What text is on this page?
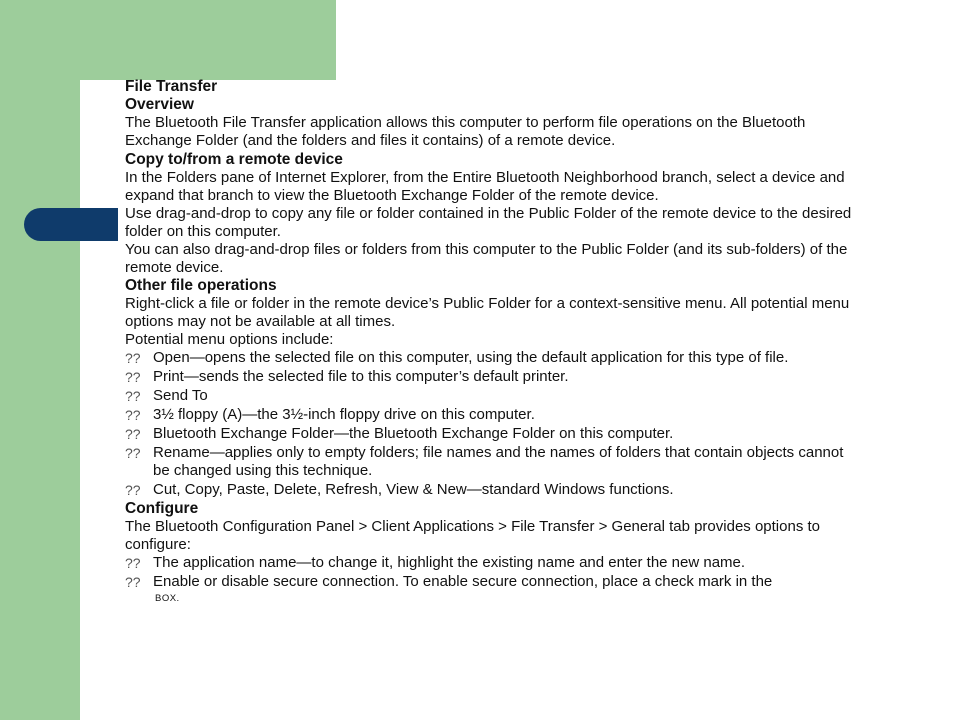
File Transfer
Overview

The Bluetooth File Transfer application allows this computer to perform file operations on the Bluetooth Exchange Folder (and the folders and files it contains) of a remote device.

Copy to/from a remote device

In the Folders pane of Internet Explorer, from the Entire Bluetooth Neighborhood branch, select a device and expand that branch to view the Bluetooth Exchange Folder of the remote device.

Use drag-and-drop to copy any file or folder contained in the Public Folder of the remote device to the desired folder on this computer.

You can also drag-and-drop files or folders from this computer to the Public Folder (and its sub-folders) of the remote device.

Other file operations

Right-click a file or folder in the remote device’s Public Folder for a context-sensitive menu. All potential menu options may not be available at all times.

Potential menu options include:

?? Open—opens the selected file on this computer, using the default application for this type of file.
?? Print—sends the selected file to this computer’s default printer.
?? Send To
?? 3½ floppy (A)—the 3½-inch floppy drive on this computer.
?? Bluetooth Exchange Folder—the Bluetooth Exchange Folder on this computer.
?? Rename—applies only to empty folders; file names and the names of folders that contain objects cannot be changed using this technique.
?? Cut, Copy, Paste, Delete, Refresh, View & New—standard Windows functions.
Configure

The Bluetooth Configuration Panel > Client Applications > File Transfer > General tab provides options to configure:

?? The application name—to change it, highlight the existing name and enter the new name.
?? Enable or disable secure connection. To enable secure connection, place a check mark in the
BOX.
